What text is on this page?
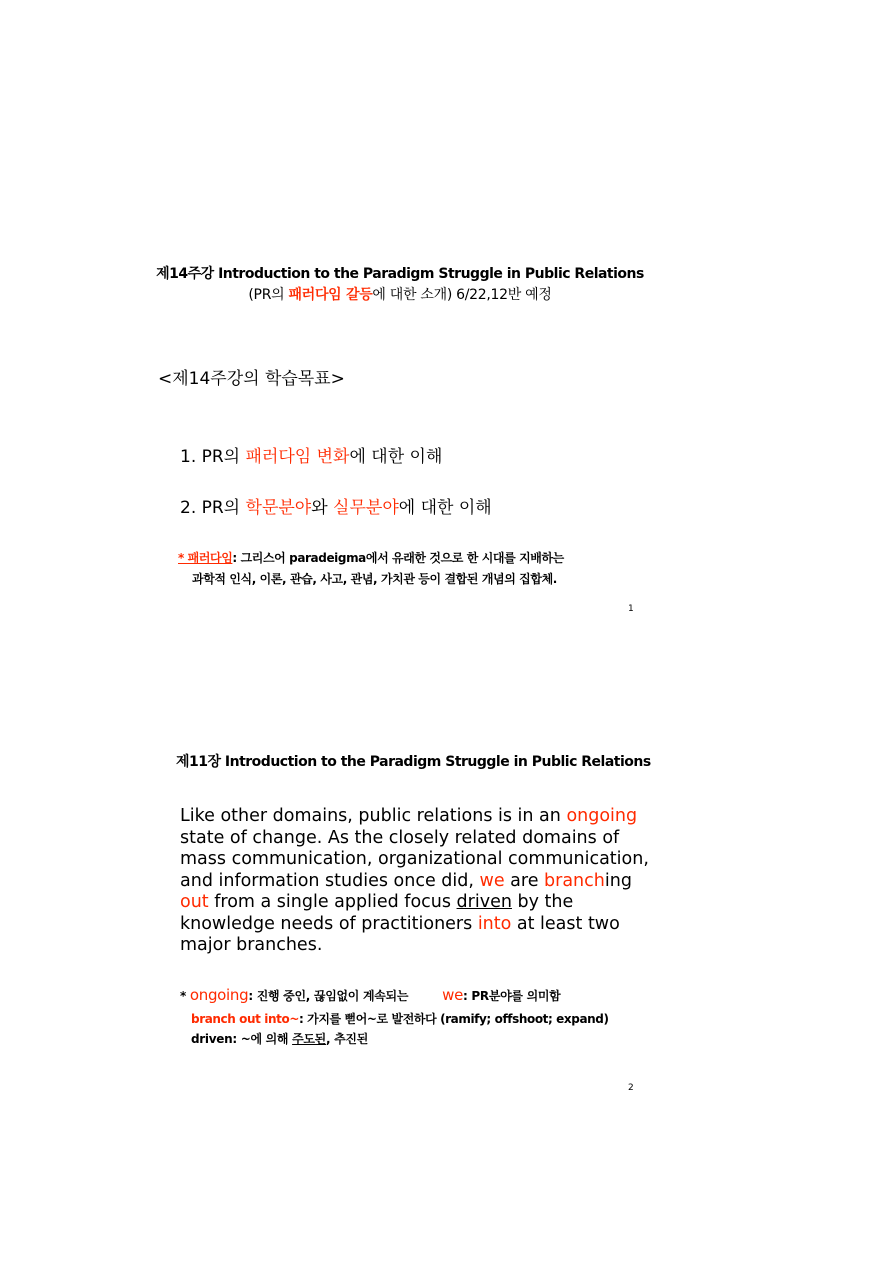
제14주강 Introduction to the Paradigm Struggle in Public Relations
(PR의 패러다임 갈등에 대한 소개) 6/22,12반 예정
<제14주강의 학습목표>
1. PR의 패러다임 변화에 대한 이해
2. PR의 학문분야와 실무분야에 대한 이해
* 패러다임: 그리스어 paradeigma에서 유래한 것으로 한 시대를 지배하는
과학적 인식, 이론, 관습, 사고, 관념, 가치관 등이 결합된 개념의 집합체.
1
제11장 Introduction to the Paradigm Struggle in Public Relations
Like other domains, public relations is in an ongoing
state of change. As the closely related domains of
mass communication, organizational communication,
and information studies once did, we are branching
out from a single applied focus driven by the
knowledge needs of practitioners into at least two
major branches.
* ongoing: 진행 중인, 끊임없이 계속되는 we: PR분야를 의미함
branch out into~: 가지를 뻗어~로 발전하다 (ramify; offshoot; expand)
driven: ~에 의해 주도된, 추진된
2
